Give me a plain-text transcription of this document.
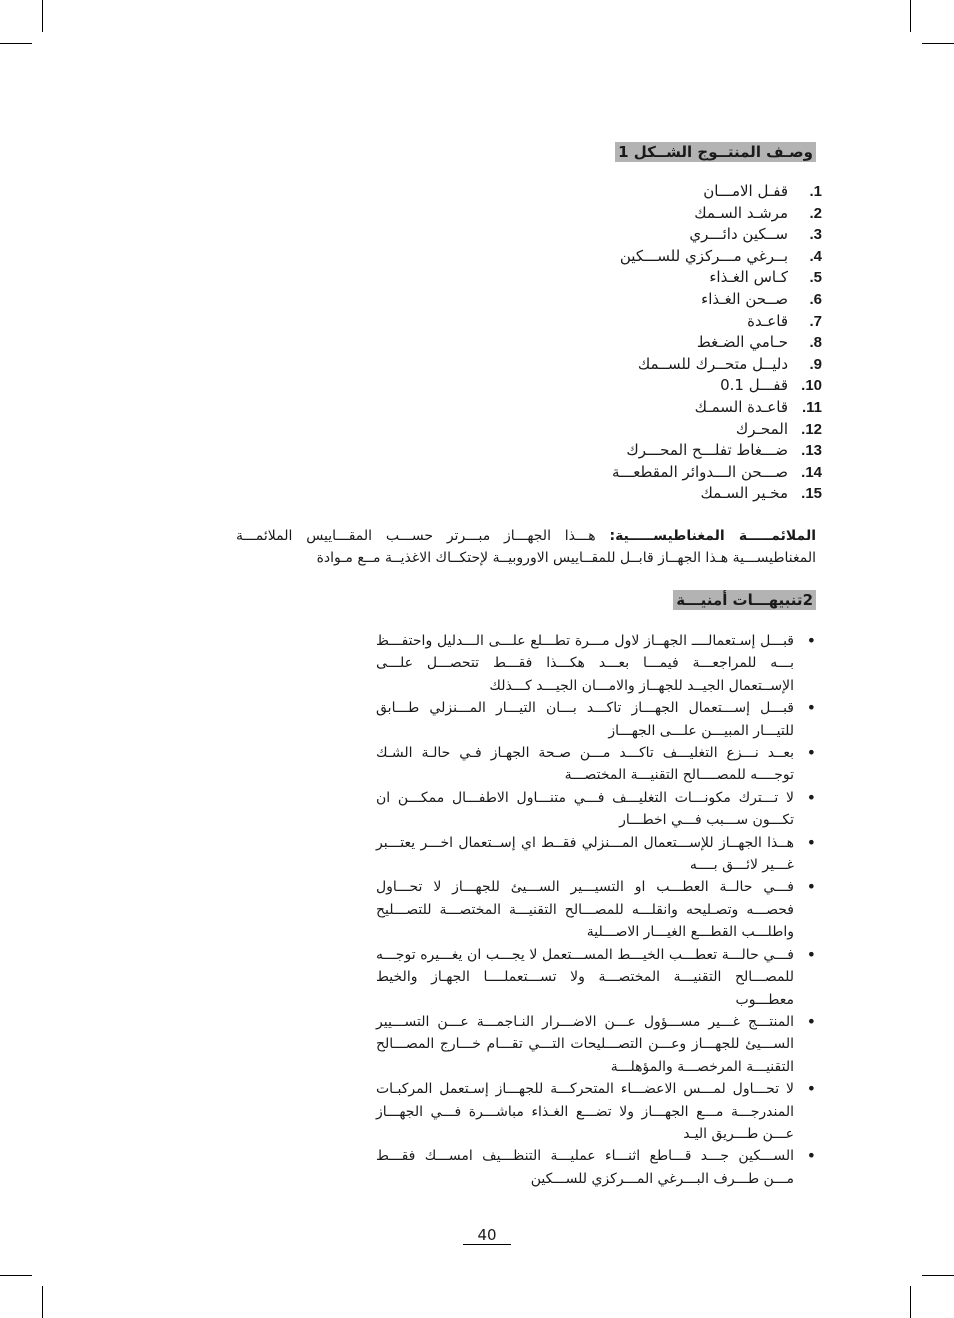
وصـف المنتــوج الشــكل 1
1.قفـل الامـــان
2.مرشـد السـمك
3.ســكين دائـــري
4.بــرغي مـــركزي للســـكين
5.كـاس الغـذاء
6.صــحن الغـذاء
7.قاعـدة
8.حـامي الضـغط
9.دليــل متحــرك للســمك
10.قفـــل 0.1
11.قاعـدة السمـك
12.المحـرك
13.ضـــغاط تفلـــح المحـــرك
14.صـــحن الـــدوائر المقطعـــة
15.مخـير السـمك
الملائمـــــة المغناطيســـــية: هـــذا الجهـــاز مبـــرتر حســـب المقـــاييس الملائمـــة المغناطيســـية هـذا الجهــاز قابــل للمقــاييس الاوروبيــة لإحتكــاك الاغذيــة مــع مـوادة
2تنبيهـــات أمنيـــة
• قبـــل إسـتعمالــــ الجهــاز لاول مـــرة تطـــلع علـــى الـــدليل واحتفـــظ بـــه للمراجعـــة فيمـــا بعـــد هكـــذا فقـــط تتحصـــل علـــى الإســتعمال الجيــد للجهــاز والامـــان الجيـــد كـــذلك
• قبـــل إســـتعمال الجهـــاز تاكـــد بـــان التيـــار المـــنزلي طـــابق للتيـــار المبيـــن علـــى الجهـــاز
• بعــد نـــزع التغليـــف تاكـــد مـــن صـحة الجهـاز فـي حالـة الشـك توجــــه للمصــــالح التقنيـــة المختصـــة
• لا تـــترك مكونـــات التغليـــف فـــي متنـــاول الاطفـــال ممكـــن ان تكـــون ســـبب فـــي اخطـــار
• هــذا الجهــاز للإســـتعمال المـــنزلي فقــط اي إســتعمال اخـــر يعتـــبر غـــير لائـــق بــــه
• فـــي حالــة العطـــب او التسيـــير الســـيئ للجهـــاز لا تحـــاول فحصـــه وتصـليحه وانقلـــه للمصـــالح التقنيـــة المختصـــة للتصـــليح واطلـــب القطـــع الغيـــار الاصـــلية
• فـــي حالـــة تعطـــب الخيـــط المســـتعمل لا يجـــب ان يغـــيره توجـــه للمصـــالح التقنيـــة المختصـــة ولا تســـتعملــــا الجهـاز والخيط معطـــوب
• المنتـــج غـــير مســـؤول عـــن الاضـــرار النـاجمـــة عـــن التســـيير الســـيئ للجهـــاز وعـــن التصـــليحات التـــي تقـــام خـــارج المصـــالح التقنيـــة المرخصـــة والمؤهلـــة
• لا تحـــاول لمـــس الاعضـــاء المتحركـــة للجهـــاز إسـتعمل المركبـات المندرجـــة مـــع الجهـــاز ولا تضـــع الغـذاء مباشـــرة فـــي الجهـــاز عـــن طـــريق اليـد
• الســـكين جـــد قـــاطع اثنـــاء عمليـــة التنظـــيف امســـك فقـــط مـــن طـــرف البـــرغي المـــركزي للســـكين
40
